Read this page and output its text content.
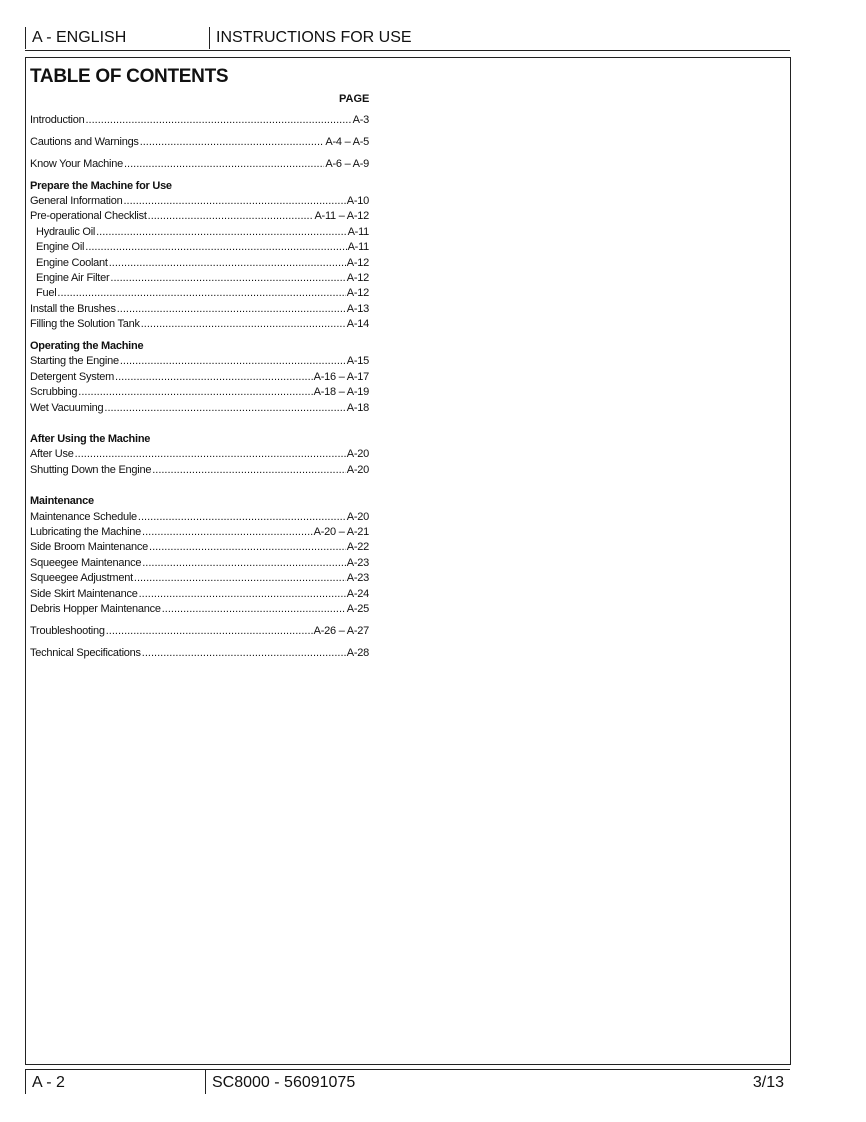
A - ENGLISH	INSTRUCTIONS FOR USE
TABLE OF CONTENTS
PAGE
Introduction .....	A-3
Cautions and Warnings .....	A-4 – A-5
Know Your Machine .....	A-6 – A-9
Prepare the Machine for Use
General Information .....	A-10
Pre-operational Checklist .....	A-11 – A-12
Hydraulic Oil .....	A-11
Engine Oil .....	A-11
Engine Coolant .....	A-12
Engine Air Filter .....	A-12
Fuel .....	A-12
Install the Brushes .....	A-13
Filling the Solution Tank .....	A-14
Operating the Machine
Starting the Engine .....	A-15
Detergent System .....	A-16 – A-17
Scrubbing .....	A-18 – A-19
Wet Vacuuming .....	A-18
After Using the Machine
After Use .....	A-20
Shutting Down the Engine .....	A-20
Maintenance
Maintenance Schedule .....	A-20
Lubricating the Machine .....	A-20 – A-21
Side Broom Maintenance .....	A-22
Squeegee Maintenance .....	A-23
Squeegee Adjustment .....	A-23
Side Skirt Maintenance .....	A-24
Debris Hopper Maintenance .....	A-25
Troubleshooting .....	A-26 – A-27
Technical Specifications .....	A-28
A - 2	SC8000 - 56091075	3/13
